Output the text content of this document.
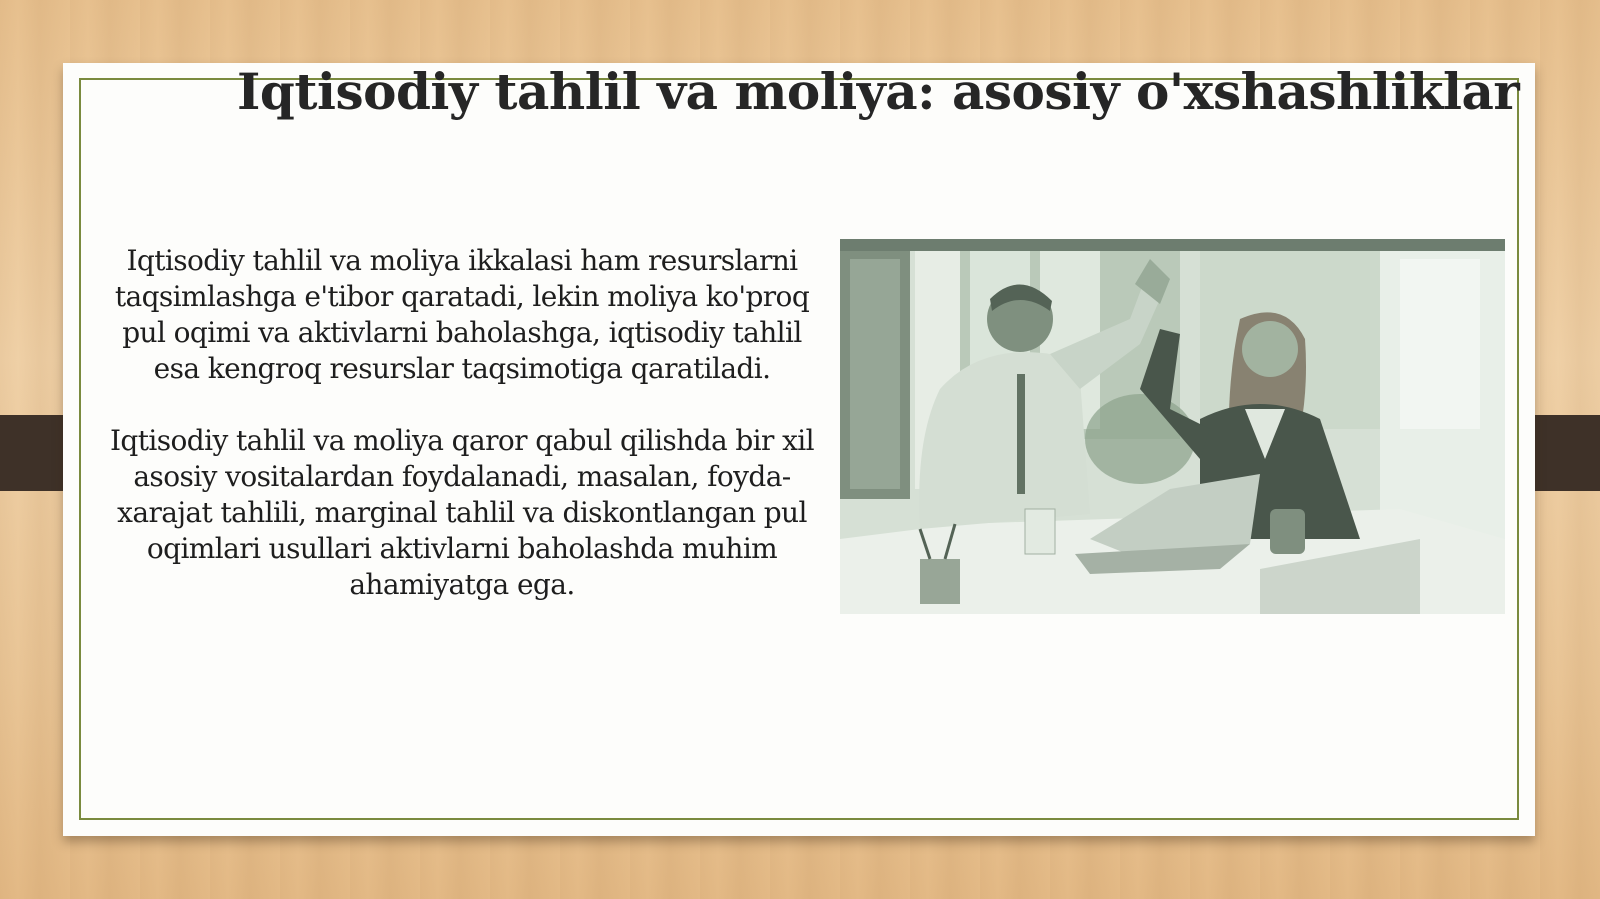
Iqtisodiy tahlil va moliya: asosiy o'xshashliklar

Iqtisodiy tahlil va moliya ikkalasi ham resurslarni taqsimlashga e'tibor qaratadi, lekin moliya ko'proq pul oqimi va aktivlarni baholashga, iqtisodiy tahlil esa kengroq resurslar taqsimotiga qaratiladi.

Iqtisodiy tahlil va moliya qaror qabul qilishda bir xil asosiy vositalardan foydalanadi, masalan, foyda-xarajat tahlili, marginal tahlil va diskontlangan pul oqimlari usullari aktivlarni baholashda muhim ahamiyatga ega.
